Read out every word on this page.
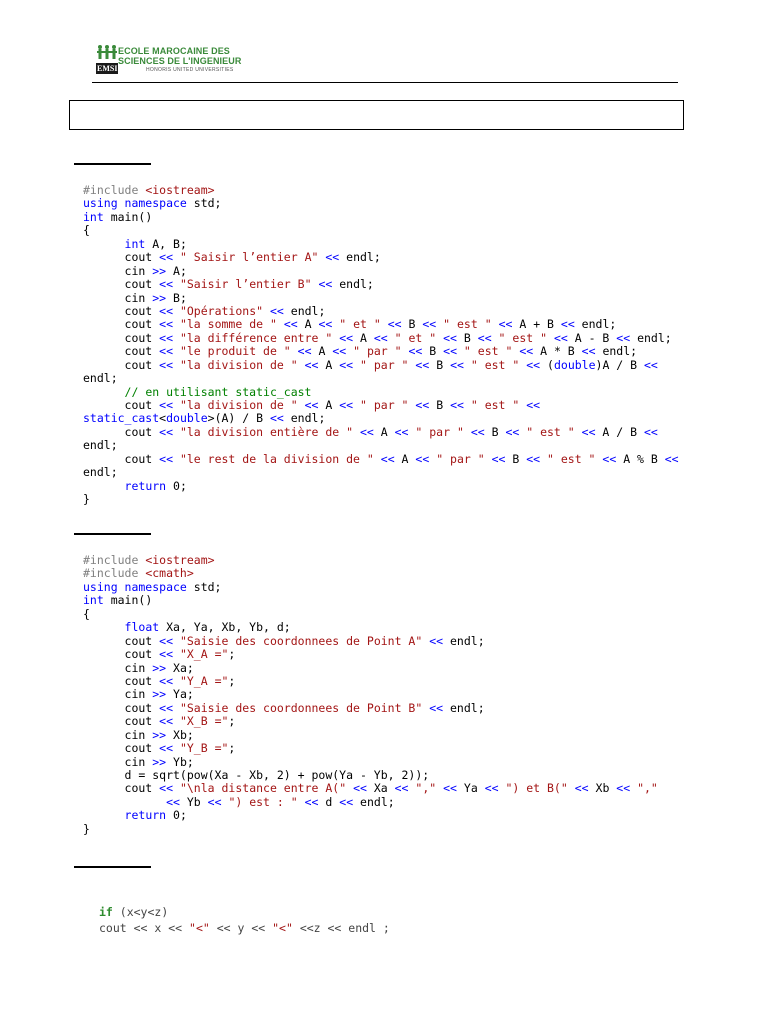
EMSI
ECOLE MAROCAINE DES
SCIENCES DE L'INGENIEUR
HONORIS UNITED UNIVERSITIES
#include <iostream>
using namespace std;
int main()
{
int A, B;
cout << " Saisir l’entier A" << endl;
cin >> A;
cout << "Saisir l’entier B" << endl;
cin >> B;
cout << "Opérations" << endl;
cout << "la somme de " << A << " et " << B << " est " << A + B << endl;
cout << "la différence entre " << A << " et " << B << " est " << A - B << endl;
cout << "le produit de " << A << " par " << B << " est " << A * B << endl;
cout << "la division de " << A << " par " << B << " est " << (double)A / B <<
endl;
// en utilisant static_cast
cout << "la division de " << A << " par " << B << " est " <<
static_cast<double>(A) / B << endl;
cout << "la division entière de " << A << " par " << B << " est " << A / B <<
endl;
cout << "le rest de la division de " << A << " par " << B << " est " << A % B <<
endl;
return 0;
}
#include <iostream>
#include <cmath>
using namespace std;
int main()
{
float Xa, Ya, Xb, Yb, d;
cout << "Saisie des coordonnees de Point A" << endl;
cout << "X_A =";
cin >> Xa;
cout << "Y_A =";
cin >> Ya;
cout << "Saisie des coordonnees de Point B" << endl;
cout << "X_B =";
cin >> Xb;
cout << "Y_B =";
cin >> Yb;
d = sqrt(pow(Xa - Xb, 2) + pow(Ya - Yb, 2));
cout << "\nla distance entre A(" << Xa << "," << Ya << ") et B(" << Xb << ","
<< Yb << ") est : " << d << endl;
return 0;
}
if (x<y<z)
cout << x << "<" << y << "<" <<z << endl ;
